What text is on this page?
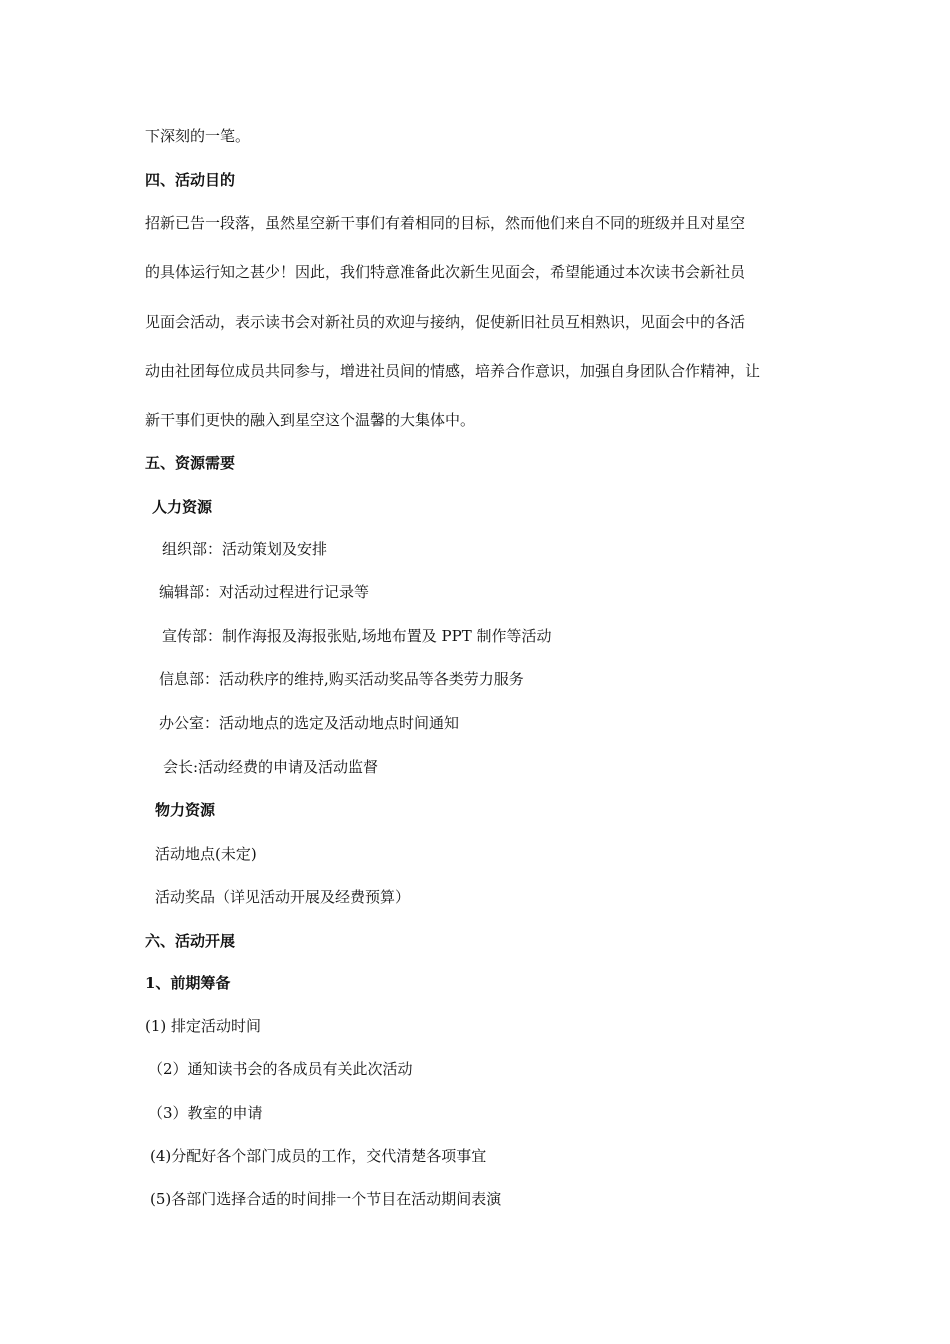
下深刻的一笔。
四、活动目的
招新已告一段落，虽然星空新干事们有着相同的目标，然而他们来自不同的班级并且对星空
的具体运行知之甚少！因此，我们特意准备此次新生见面会，希望能通过本次读书会新社员
见面会活动，表示读书会对新社员的欢迎与接纳，促使新旧社员互相熟识，见面会中的各活
动由社团每位成员共同参与，增进社员间的情感，培养合作意识，加强自身团队合作精神，让
新干事们更快的融入到星空这个温馨的大集体中。
五、资源需要
人力资源
组织部：活动策划及安排
编辑部：对活动过程进行记录等
宣传部：制作海报及海报张贴,场地布置及 PPT 制作等活动
信息部：活动秩序的维持,购买活动奖品等各类劳力服务
办公室：活动地点的选定及活动地点时间通知
会长:活动经费的申请及活动监督
物力资源
活动地点(未定)
活动奖品（详见活动开展及经费预算）
六、活动开展
1、前期筹备
(1) 排定活动时间
（2）通知读书会的各成员有关此次活动
（3）教室的申请
(4)分配好各个部门成员的工作，交代清楚各项事宜
(5)各部门选择合适的时间排一个节目在活动期间表演
